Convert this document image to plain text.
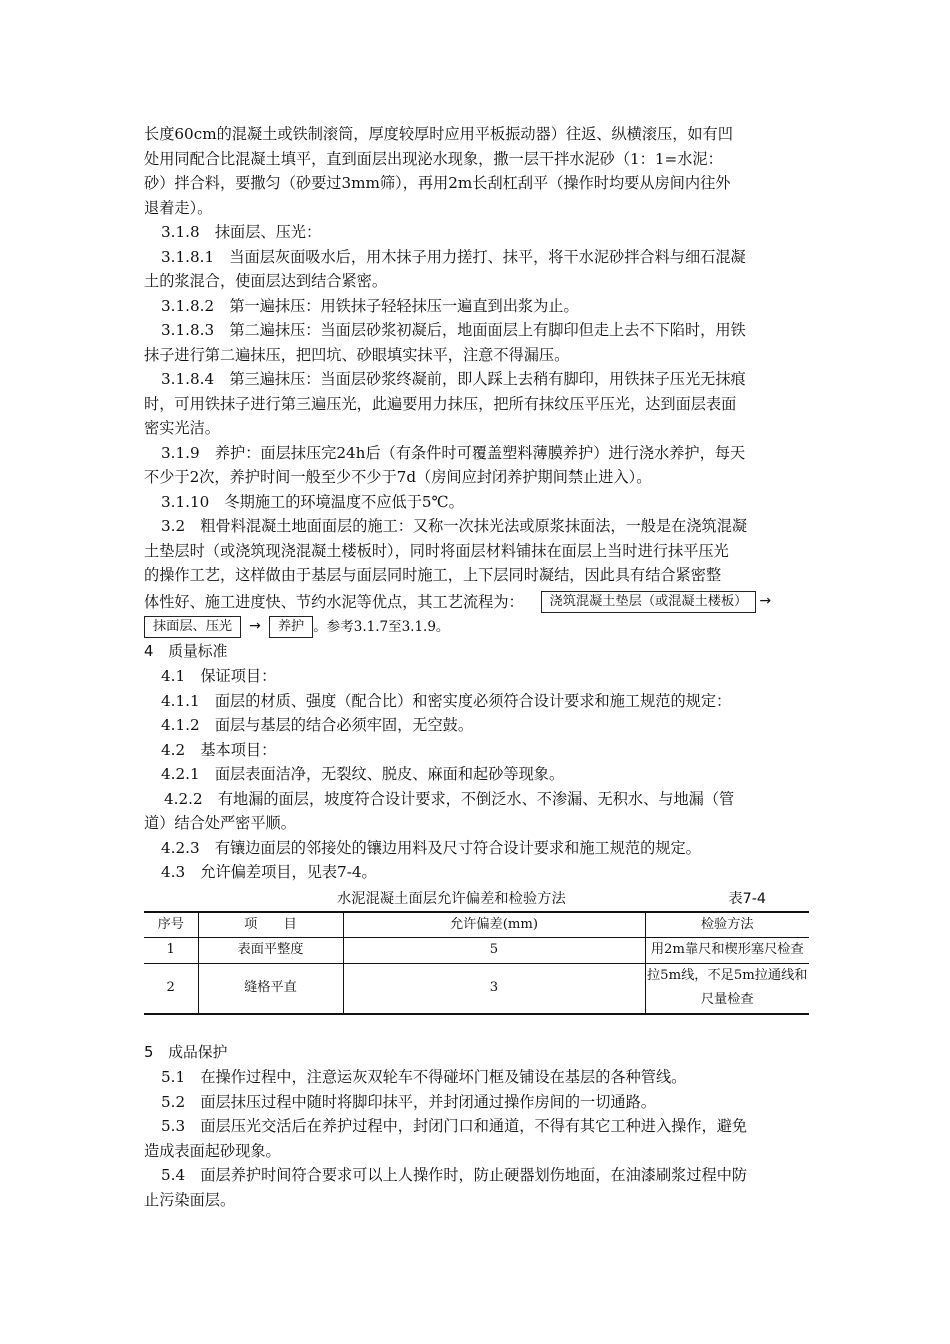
长度60cm的混凝土或铁制滚筒，厚度较厚时应用平板振动器）往返、纵横滚压，如有凹
处用同配合比混凝土填平，直到面层出现泌水现象，撒一层干拌水泥砂（1：1=水泥：
砂）拌合料，要撒匀（砂要过3mm筛），再用2m长刮杠刮平（操作时均要从房间内往外
退着走）。

3.1.8　抹面层、压光：

3.1.8.1　当面层灰面吸水后，用木抹子用力搓打、抹平，将干水泥砂拌合料与细石混凝
土的浆混合，使面层达到结合紧密。

3.1.8.2　第一遍抹压：用铁抹子轻轻抹压一遍直到出浆为止。

3.1.8.3　第二遍抹压：当面层砂浆初凝后，地面面层上有脚印但走上去不下陷时，用铁
抹子进行第二遍抹压，把凹坑、砂眼填实抹平，注意不得漏压。

3.1.8.4　第三遍抹压：当面层砂浆终凝前，即人踩上去稍有脚印，用铁抹子压光无抹痕
时，可用铁抹子进行第三遍压光，此遍要用力抹压，把所有抹纹压平压光，达到面层表面
密实光洁。

3.1.9　养护：面层抹压完24h后（有条件时可覆盖塑料薄膜养护）进行浇水养护，每天
不少于2次，养护时间一般至少不少于7d（房间应封闭养护期间禁止进入）。

3.1.10　冬期施工的环境温度不应低于5℃。

3.2　粗骨料混凝土地面面层的施工：又称一次抹光法或原浆抹面法，一般是在浇筑混凝
土垫层时（或浇筑现浇混凝土楼板时），同时将面层材料铺抹在面层上当时进行抹平压光
的操作工艺，这样做由于基层与面层同时施工，上下层同时凝结，因此具有结合紧密整

体性好、施工进度快、节约水泥等优点，其工艺流程为： 浇筑混凝土垫层（或混凝土楼板） →
抹面层、压光 → 养护 。参考3.1.7至3.1.9。

4　质量标准

4.1　保证项目：

4.1.1　面层的材质、强度（配合比）和密实度必须符合设计要求和施工规范的规定：

4.1.2　面层与基层的结合必须牢固，无空鼓。

4.2　基本项目：

4.2.1　面层表面洁净，无裂纹、脱皮、麻面和起砂等现象。

4.2.2　有地漏的面层，坡度符合设计要求，不倒泛水、不渗漏、无积水、与地漏（管
道）结合处严密平顺。

4.2.3　有镶边面层的邻接处的镶边用料及尺寸符合设计要求和施工规范的规定。

4.3　允许偏差项目，见表7-4。

水泥混凝土面层允许偏差和检验方法	表7-4
序号	项　　目	允许偏差(mm)	检验方法
1	表面平整度	5	用2m靠尺和楔形塞尺检查
2	缝格平直	3	拉5m线，不足5m拉通线和尺量检查

5　成品保护

5.1　在操作过程中，注意运灰双轮车不得碰坏门框及铺设在基层的各种管线。

5.2　面层抹压过程中随时将脚印抹平，并封闭通过操作房间的一切通路。

5.3　面层压光交活后在养护过程中，封闭门口和通道，不得有其它工种进入操作，避免
造成表面起砂现象。

5.4　面层养护时间符合要求可以上人操作时，防止硬器划伤地面，在油漆刷浆过程中防
止污染面层。
